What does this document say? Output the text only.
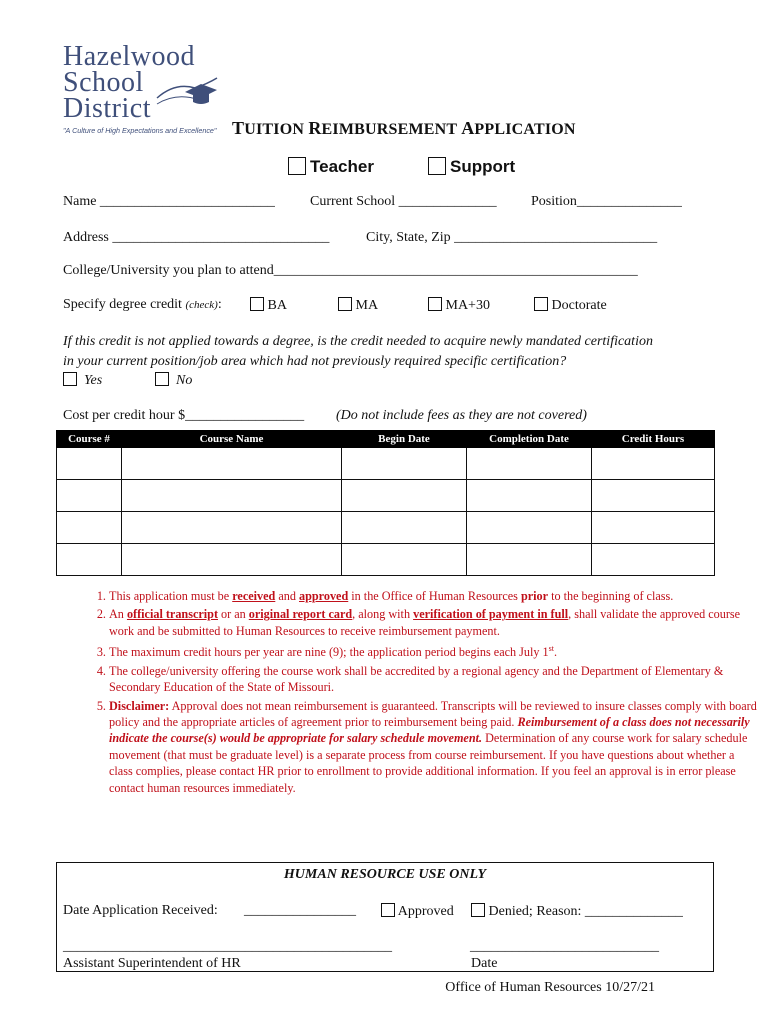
Hazelwood
School
District
"A Culture of High Expectations and Excellence" TUITION REIMBURSEMENT APPLICATION
Teacher	Support
Name _________________________	Current School ______________ Position_______________
Address _______________________________	City, State, Zip _____________________________
College/University you plan to attend____________________________________________________
Specify degree credit (check):	BA	MA	MA+30	Doctorate
If this credit is not applied towards a degree, is the credit needed to acquire newly mandated certification
in your current position/job area which had not previously required specific certification?
Yes	No
Cost per credit hour $_________________ (Do not include fees as they are not covered)
Course #	Course Name	Begin Date	Completion Date	Credit Hours

1. This application must be received and approved in the Office of Human Resources prior to the beginning of class.
2. An official transcript or an original report card, along with verification of payment in full, shall validate the approved course work and be submitted to Human Resources to receive reimbursement payment.
3. The maximum credit hours per year are nine (9); the application period begins each July 1st.
4. The college/university offering the course work shall be accredited by a regional agency and the Department of Elementary & Secondary Education of the State of Missouri.
5. Disclaimer: Approval does not mean reimbursement is guaranteed. Transcripts will be reviewed to insure classes comply with board policy and the appropriate articles of agreement prior to reimbursement being paid. Reimbursement of a class does not necessarily indicate the course(s) would be appropriate for salary schedule movement. Determination of any course work for salary schedule movement (that must be graduate level) is a separate process from course reimbursement. If you have questions about whether a class complies, please contact HR prior to enrollment to provide additional information. If you feel an approval is in error please contact human resources immediately.
HUMAN RESOURCE USE ONLY
Date Application Received: ________________	Approved	Denied; Reason: ______________
_______________________________________________
Assistant Superintendent of HR
___________________________
Date
Office of Human Resources 10/27/21
